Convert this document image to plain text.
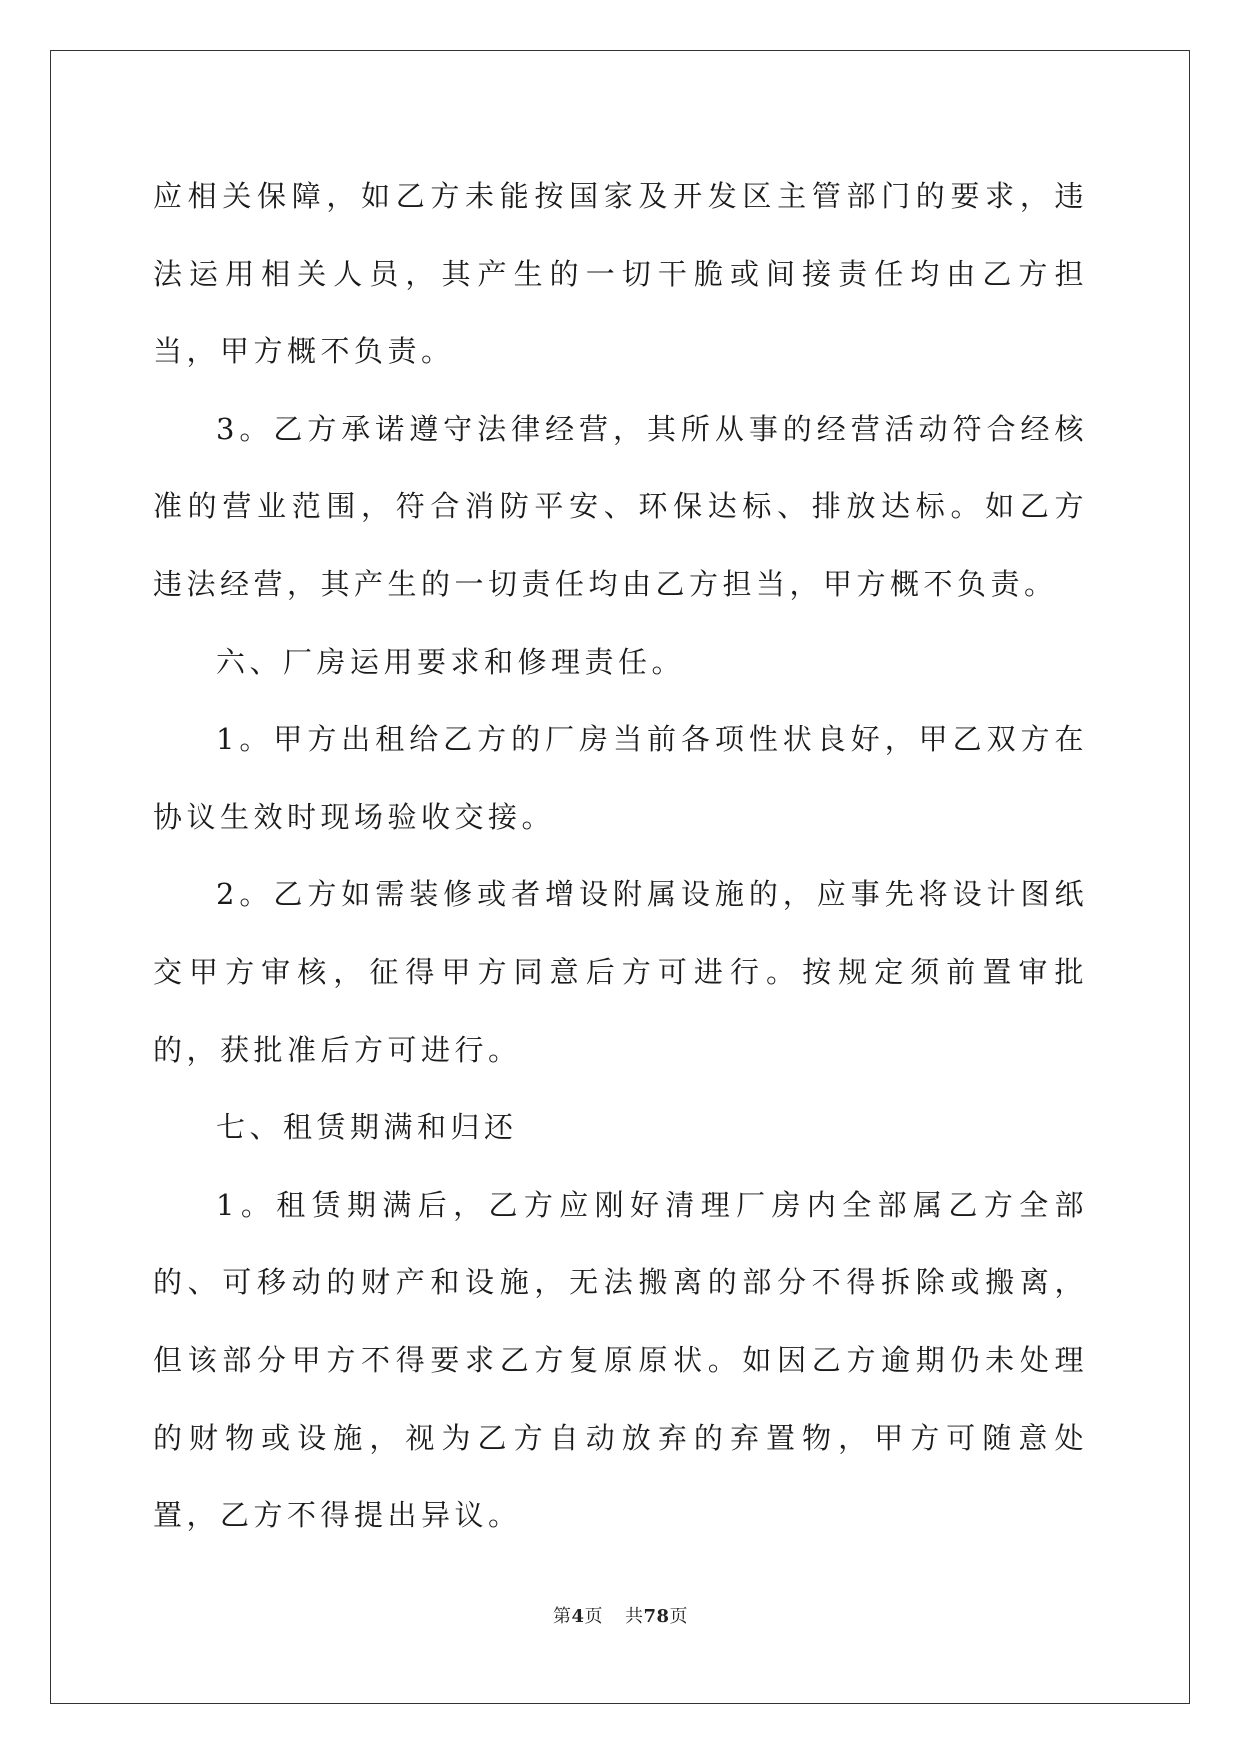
应相关保障，如乙方未能按国家及开发区主管部门的要求，违法运用相关人员，其产生的一切干脆或间接责任均由乙方担当，甲方概不负责。

3。乙方承诺遵守法律经营，其所从事的经营活动符合经核准的营业范围，符合消防平安、环保达标、排放达标。如乙方违法经营，其产生的一切责任均由乙方担当，甲方概不负责。

六、厂房运用要求和修理责任。

1。甲方出租给乙方的厂房当前各项性状良好，甲乙双方在协议生效时现场验收交接。

2。乙方如需装修或者增设附属设施的，应事先将设计图纸交甲方审核，征得甲方同意后方可进行。按规定须前置审批的，获批准后方可进行。

七、租赁期满和归还

1。租赁期满后，乙方应刚好清理厂房内全部属乙方全部的、可移动的财产和设施，无法搬离的部分不得拆除或搬离，但该部分甲方不得要求乙方复原原状。如因乙方逾期仍未处理的财物或设施，视为乙方自动放弃的弃置物，甲方可随意处置，乙方不得提出异议。

第4页 共78页
